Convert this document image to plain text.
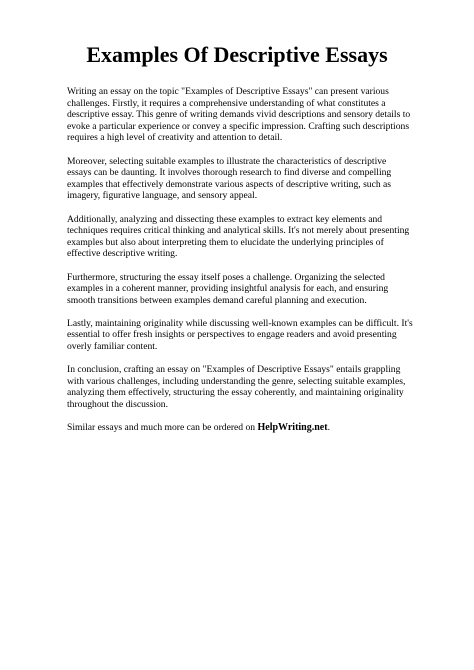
Examples Of Descriptive Essays

Writing an essay on the topic "Examples of Descriptive Essays" can present various challenges. Firstly, it requires a comprehensive understanding of what constitutes a descriptive essay. This genre of writing demands vivid descriptions and sensory details to evoke a particular experience or convey a specific impression. Crafting such descriptions requires a high level of creativity and attention to detail.

Moreover, selecting suitable examples to illustrate the characteristics of descriptive essays can be daunting. It involves thorough research to find diverse and compelling examples that effectively demonstrate various aspects of descriptive writing, such as imagery, figurative language, and sensory appeal.

Additionally, analyzing and dissecting these examples to extract key elements and techniques requires critical thinking and analytical skills. It's not merely about presenting examples but also about interpreting them to elucidate the underlying principles of effective descriptive writing.

Furthermore, structuring the essay itself poses a challenge. Organizing the selected examples in a coherent manner, providing insightful analysis for each, and ensuring smooth transitions between examples demand careful planning and execution.

Lastly, maintaining originality while discussing well-known examples can be difficult. It's essential to offer fresh insights or perspectives to engage readers and avoid presenting overly familiar content.

In conclusion, crafting an essay on "Examples of Descriptive Essays" entails grappling with various challenges, including understanding the genre, selecting suitable examples, analyzing them effectively, structuring the essay coherently, and maintaining originality throughout the discussion.

Similar essays and much more can be ordered on HelpWriting.net.
